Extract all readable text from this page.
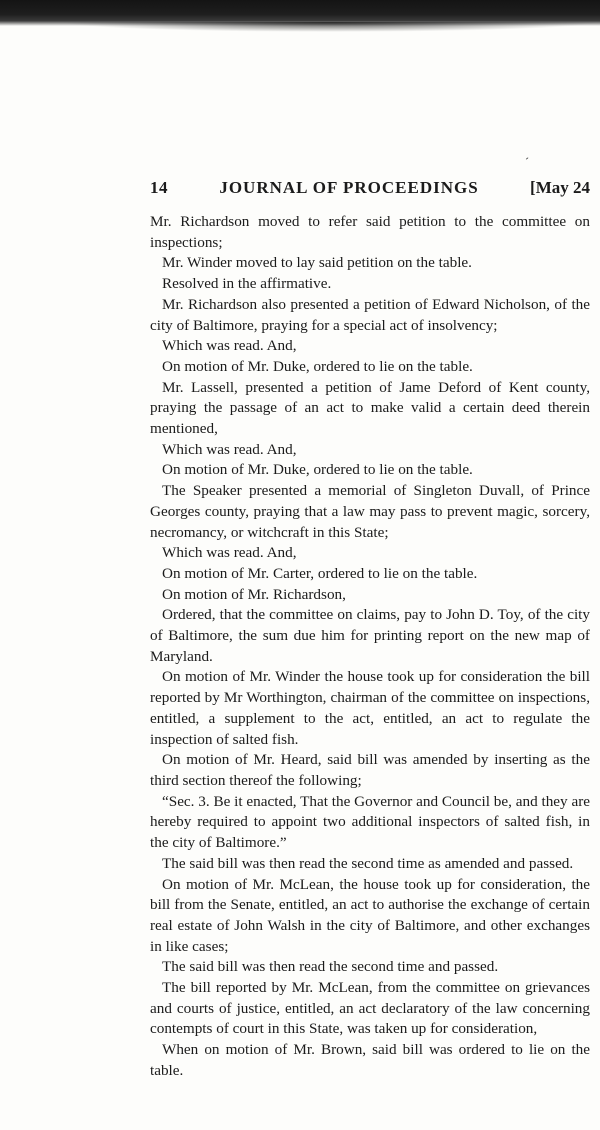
´
14	JOURNAL OF PROCEEDINGS	[May 24

Mr. Richardson moved to refer said petition to the committee on inspections;

Mr. Winder moved to lay said petition on the table.

Resolved in the affirmative.

Mr. Richardson also presented a petition of Edward Nicholson, of the city of Baltimore, praying for a special act of insolvency;

Which was read. And,

On motion of Mr. Duke, ordered to lie on the table.

Mr. Lassell, presented a petition of Jame Deford of Kent county, praying the passage of an act to make valid a certain deed therein mentioned,

Which was read. And,

On motion of Mr. Duke, ordered to lie on the table.

The Speaker presented a memorial of Singleton Duvall, of Prince Georges county, praying that a law may pass to prevent magic, sorcery, necromancy, or witchcraft in this State;

Which was read. And,

On motion of Mr. Carter, ordered to lie on the table.

On motion of Mr. Richardson,

Ordered, that the committee on claims, pay to John D. Toy, of the city of Baltimore, the sum due him for printing report on the new map of Maryland.

On motion of Mr. Winder the house took up for consideration the bill reported by Mr Worthington, chairman of the committee on inspections, entitled, a supplement to the act, entitled, an act to regulate the inspection of salted fish.

On motion of Mr. Heard, said bill was amended by inserting as the third section thereof the following;

“Sec. 3. Be it enacted, That the Governor and Council be, and they are hereby required to appoint two additional inspectors of salted fish, in the city of Baltimore.”

The said bill was then read the second time as amended and passed.

On motion of Mr. McLean, the house took up for consideration, the bill from the Senate, entitled, an act to authorise the exchange of certain real estate of John Walsh in the city of Baltimore, and other exchanges in like cases;

The said bill was then read the second time and passed.

The bill reported by Mr. McLean, from the committee on grievances and courts of justice, entitled, an act declaratory of the law concerning contempts of court in this State, was taken up for consideration,

When on motion of Mr. Brown, said bill was ordered to lie on the table.
